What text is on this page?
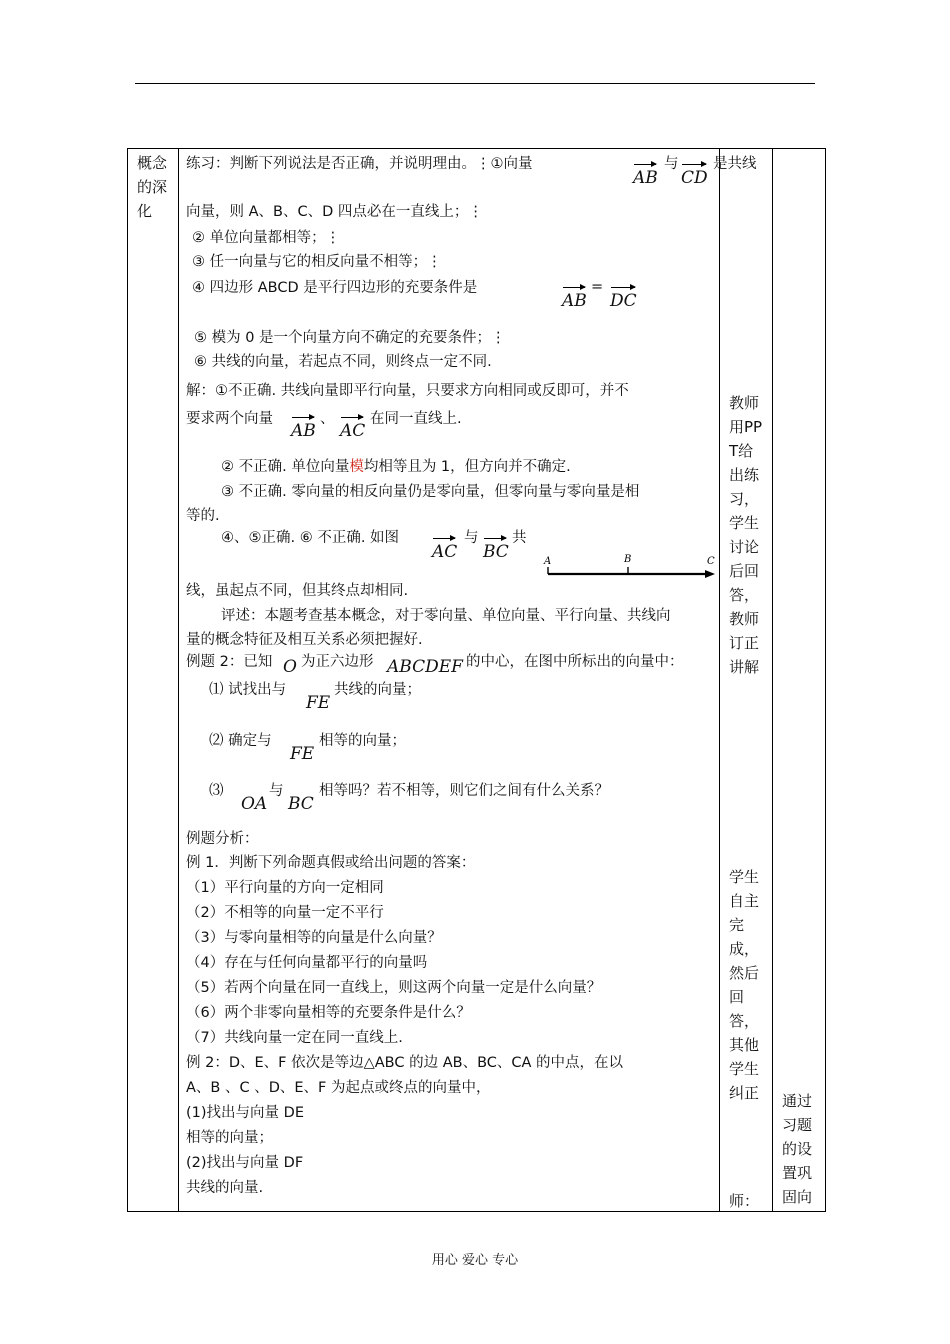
概念的深化

练习：判断下列说法是否正确，并说明理由。⋮①向量
AB
与
CD
是共线
向量，则 A、B、C、D 四点必在一直线上；⋮
② 单位向量都相等；⋮
③ 任一向量与它的相反向量不相等；⋮
④ 四边形 ABCD 是平行四边形的充要条件是
AB
=
DC
⑤ 模为 0 是一个向量方向不确定的充要条件；⋮
⑥ 共线的向量，若起点不同，则终点一定不同.
解：①不正确. 共线向量即平行向量，只要求方向相同或反即可，并不
要求两个向量
AB
、
AC
在同一直线上.
② 不正确. 单位向量模均相等且为 1，但方向并不确定.
③ 不正确. 零向量的相反向量仍是零向量，但零向量与零向量是相
等的.
④、⑤正确. ⑥ 不正确. 如图
AC
与
BC
共
A	B	C
线，虽起点不同，但其终点却相同.
评述：本题考查基本概念，对于零向量、单位向量、平行向量、共线向
量的概念特征及相互关系必须把握好.
例题 2：已知 O 为正六边形 ABCDEF 的中心，在图中所标出的向量中：
⑴ 试找出与
FE
共线的向量；
⑵ 确定与
FE
相等的向量；
⑶
OA
与
BC
相等吗？若不相等，则它们之间有什么关系？
例题分析：
例 1．判断下列命题真假或给出问题的答案：
（1）平行向量的方向一定相同
（2）不相等的向量一定不平行
（3）与零向量相等的向量是什么向量？
（4）存在与任何向量都平行的向量吗
（5）若两个向量在同一直线上，则这两个向量一定是什么向量？
（6）两个非零向量相等的充要条件是什么？
（7）共线向量一定在同一直线上.
例 2：D、E、F 依次是等边△ABC 的边 AB、BC、CA 的中点，在以
A、B 、C 、D、E、F 为起点或终点的向量中，
(1)找出与向量 DE
相等的向量；
(2)找出与向量 DF
共线的向量.

教师用PPT给出练习，学生讨论后回答，教师订正讲解
学生自主完成，然后回答，其他学生纠正
师：

通过习题的设置巩固向
用心 爱心 专心
